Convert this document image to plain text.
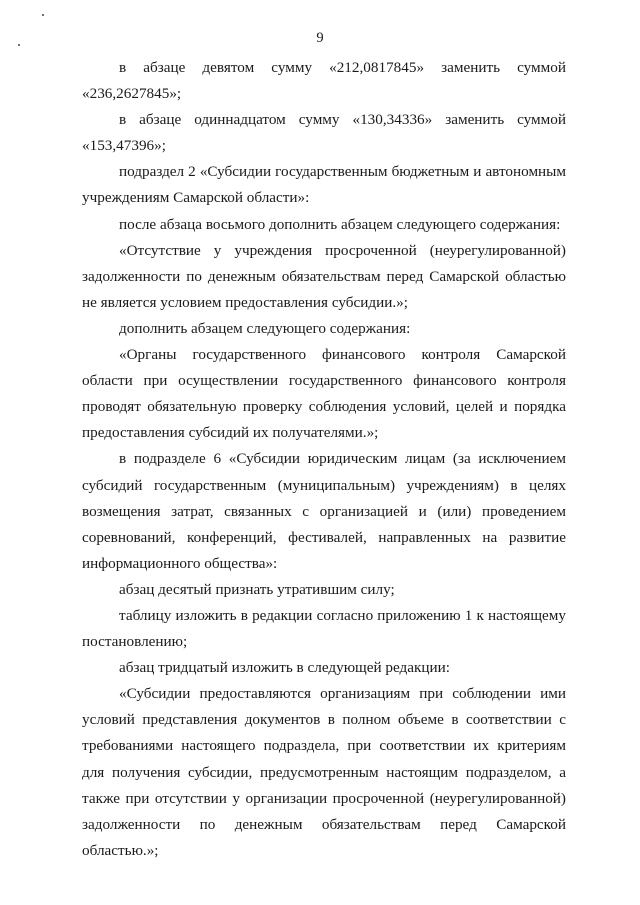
9

в абзаце девятом сумму «212,0817845» заменить суммой «236,2627845»;

в абзаце одиннадцатом сумму «130,34336» заменить суммой «153,47396»;

подраздел 2 «Субсидии государственным бюджетным и автономным учреждениям Самарской области»:

после абзаца восьмого дополнить абзацем следующего содержания:

«Отсутствие у учреждения просроченной (неурегулированной) задолженности по денежным обязательствам перед Самарской областью не является условием предоставления субсидии.»;

дополнить абзацем следующего содержания:

«Органы государственного финансового контроля Самарской области при осуществлении государственного финансового контроля проводят обязательную проверку соблюдения условий, целей и порядка предоставления субсидий их получателями.»;

в подразделе 6 «Субсидии юридическим лицам (за исключением субсидий государственным (муниципальным) учреждениям) в целях возмещения затрат, связанных с организацией и (или) проведением соревнований, конференций, фестивалей, направленных на развитие информационного общества»:

абзац десятый признать утратившим силу;

таблицу изложить в редакции согласно приложению 1 к настоящему постановлению;

абзац тридцатый изложить в следующей редакции:

«Субсидии предоставляются организациям при соблюдении ими условий представления документов в полном объеме в соответствии с требованиями настоящего подраздела, при соответствии их критериям для получения субсидии, предусмотренным настоящим подразделом, а также при отсутствии у организации просроченной (неурегулированной) задолженности по денежным обязательствам перед Самарской областью.»;
